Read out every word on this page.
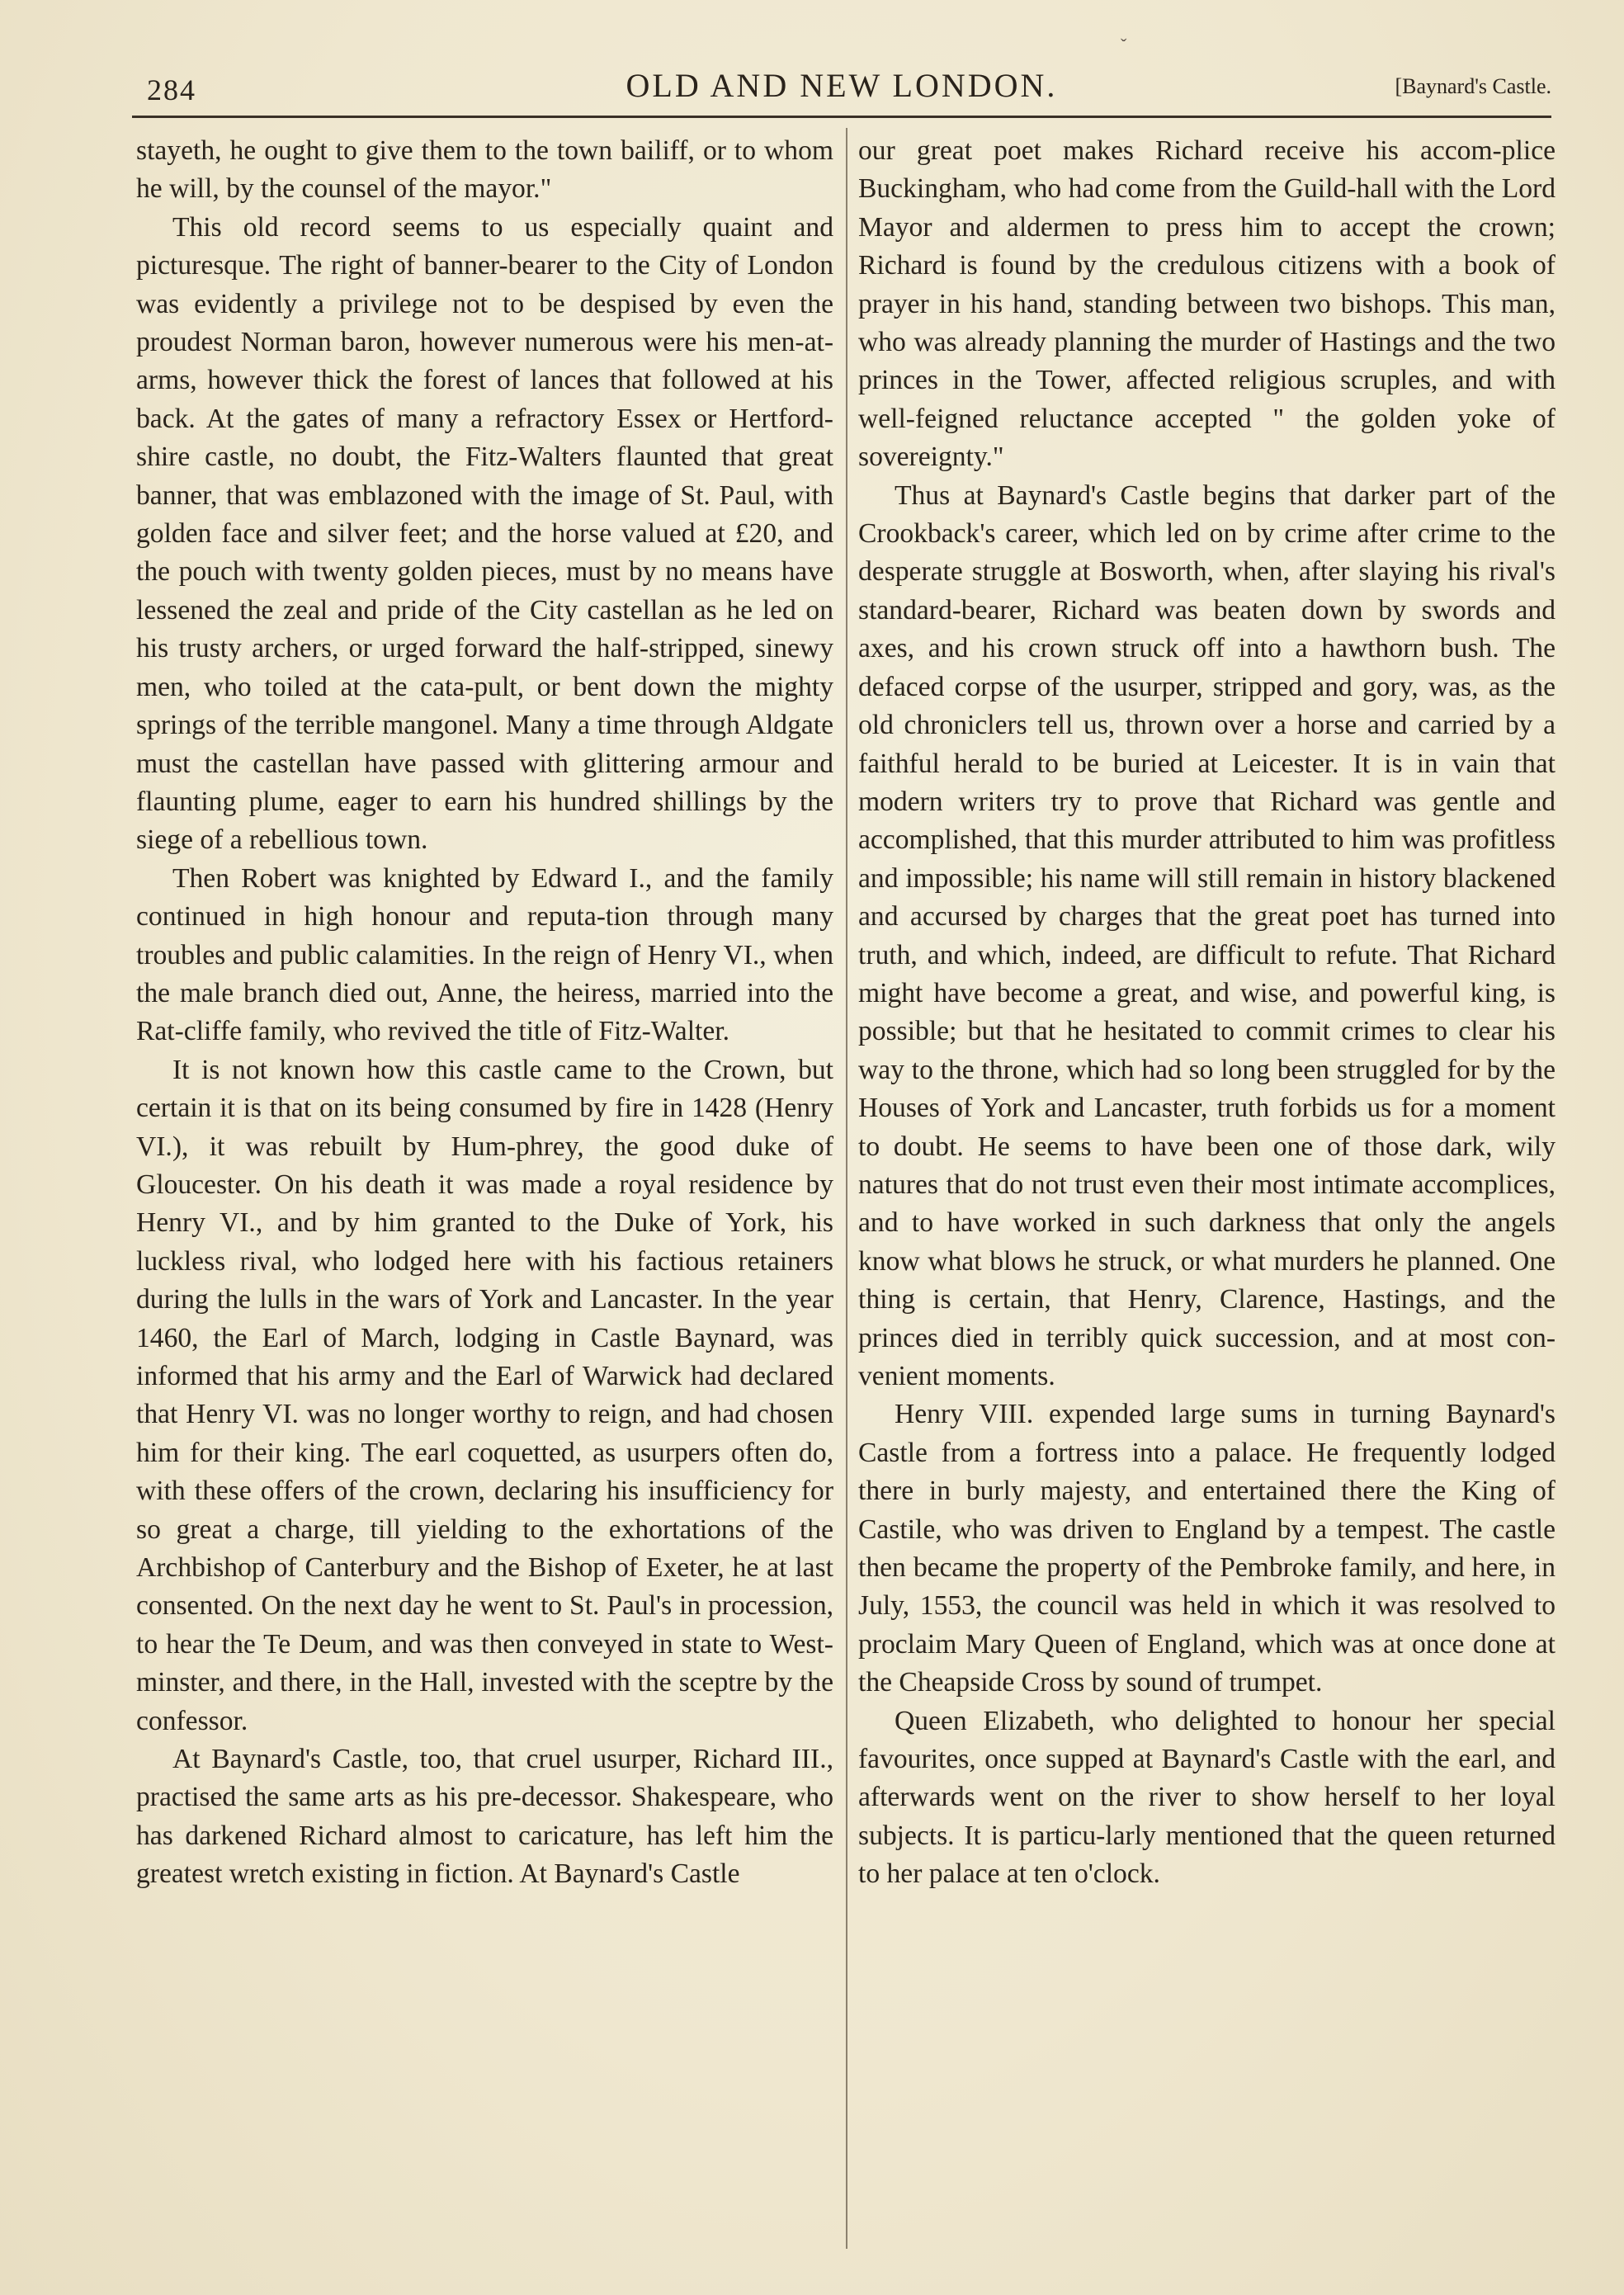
ˇ
284	OLD AND NEW LONDON.	[Baynard's Castle.

stayeth, he ought to give them to the town bailiff, or to whom he will, by the counsel of the mayor."

This old record seems to us especially quaint and picturesque. The right of banner-bearer to the City of London was evidently a privilege not to be despised by even the proudest Norman baron, however numerous were his men-at-arms, however thick the forest of lances that followed at his back. At the gates of many a refractory Essex or Hertford-shire castle, no doubt, the Fitz-Walters flaunted that great banner, that was emblazoned with the image of St. Paul, with golden face and silver feet; and the horse valued at £20, and the pouch with twenty golden pieces, must by no means have lessened the zeal and pride of the City castellan as he led on his trusty archers, or urged forward the half-stripped, sinewy men, who toiled at the cata-pult, or bent down the mighty springs of the terrible mangonel. Many a time through Aldgate must the castellan have passed with glittering armour and flaunting plume, eager to earn his hundred shillings by the siege of a rebellious town.

Then Robert was knighted by Edward I., and the family continued in high honour and reputa-tion through many troubles and public calamities. In the reign of Henry VI., when the male branch died out, Anne, the heiress, married into the Rat-cliffe family, who revived the title of Fitz-Walter.

It is not known how this castle came to the Crown, but certain it is that on its being consumed by fire in 1428 (Henry VI.), it was rebuilt by Hum-phrey, the good duke of Gloucester. On his death it was made a royal residence by Henry VI., and by him granted to the Duke of York, his luckless rival, who lodged here with his factious retainers during the lulls in the wars of York and Lancaster. In the year 1460, the Earl of March, lodging in Castle Baynard, was informed that his army and the Earl of Warwick had declared that Henry VI. was no longer worthy to reign, and had chosen him for their king. The earl coquetted, as usurpers often do, with these offers of the crown, declaring his insufficiency for so great a charge, till yielding to the exhortations of the Archbishop of Canterbury and the Bishop of Exeter, he at last consented. On the next day he went to St. Paul's in procession, to hear the Te Deum, and was then conveyed in state to West-minster, and there, in the Hall, invested with the sceptre by the confessor.

At Baynard's Castle, too, that cruel usurper, Richard III., practised the same arts as his pre-decessor. Shakespeare, who has darkened Richard almost to caricature, has left him the greatest wretch existing in fiction. At Baynard's Castle

our great poet makes Richard receive his accom-plice Buckingham, who had come from the Guild-hall with the Lord Mayor and aldermen to press him to accept the crown; Richard is found by the credulous citizens with a book of prayer in his hand, standing between two bishops. This man, who was already planning the murder of Hastings and the two princes in the Tower, affected religious scruples, and with well-feigned reluctance accepted " the golden yoke of sovereignty."

Thus at Baynard's Castle begins that darker part of the Crookback's career, which led on by crime after crime to the desperate struggle at Bosworth, when, after slaying his rival's standard-bearer, Richard was beaten down by swords and axes, and his crown struck off into a hawthorn bush. The defaced corpse of the usurper, stripped and gory, was, as the old chroniclers tell us, thrown over a horse and carried by a faithful herald to be buried at Leicester. It is in vain that modern writers try to prove that Richard was gentle and accomplished, that this murder attributed to him was profitless and impossible; his name will still remain in history blackened and accursed by charges that the great poet has turned into truth, and which, indeed, are difficult to refute. That Richard might have become a great, and wise, and powerful king, is possible; but that he hesitated to commit crimes to clear his way to the throne, which had so long been struggled for by the Houses of York and Lancaster, truth forbids us for a moment to doubt. He seems to have been one of those dark, wily natures that do not trust even their most intimate accomplices, and to have worked in such darkness that only the angels know what blows he struck, or what murders he planned. One thing is certain, that Henry, Clarence, Hastings, and the princes died in terribly quick succession, and at most con-venient moments.

Henry VIII. expended large sums in turning Baynard's Castle from a fortress into a palace. He frequently lodged there in burly majesty, and entertained there the King of Castile, who was driven to England by a tempest. The castle then became the property of the Pembroke family, and here, in July, 1553, the council was held in which it was resolved to proclaim Mary Queen of England, which was at once done at the Cheapside Cross by sound of trumpet.

Queen Elizabeth, who delighted to honour her special favourites, once supped at Baynard's Castle with the earl, and afterwards went on the river to show herself to her loyal subjects. It is particu-larly mentioned that the queen returned to her palace at ten o'clock.
